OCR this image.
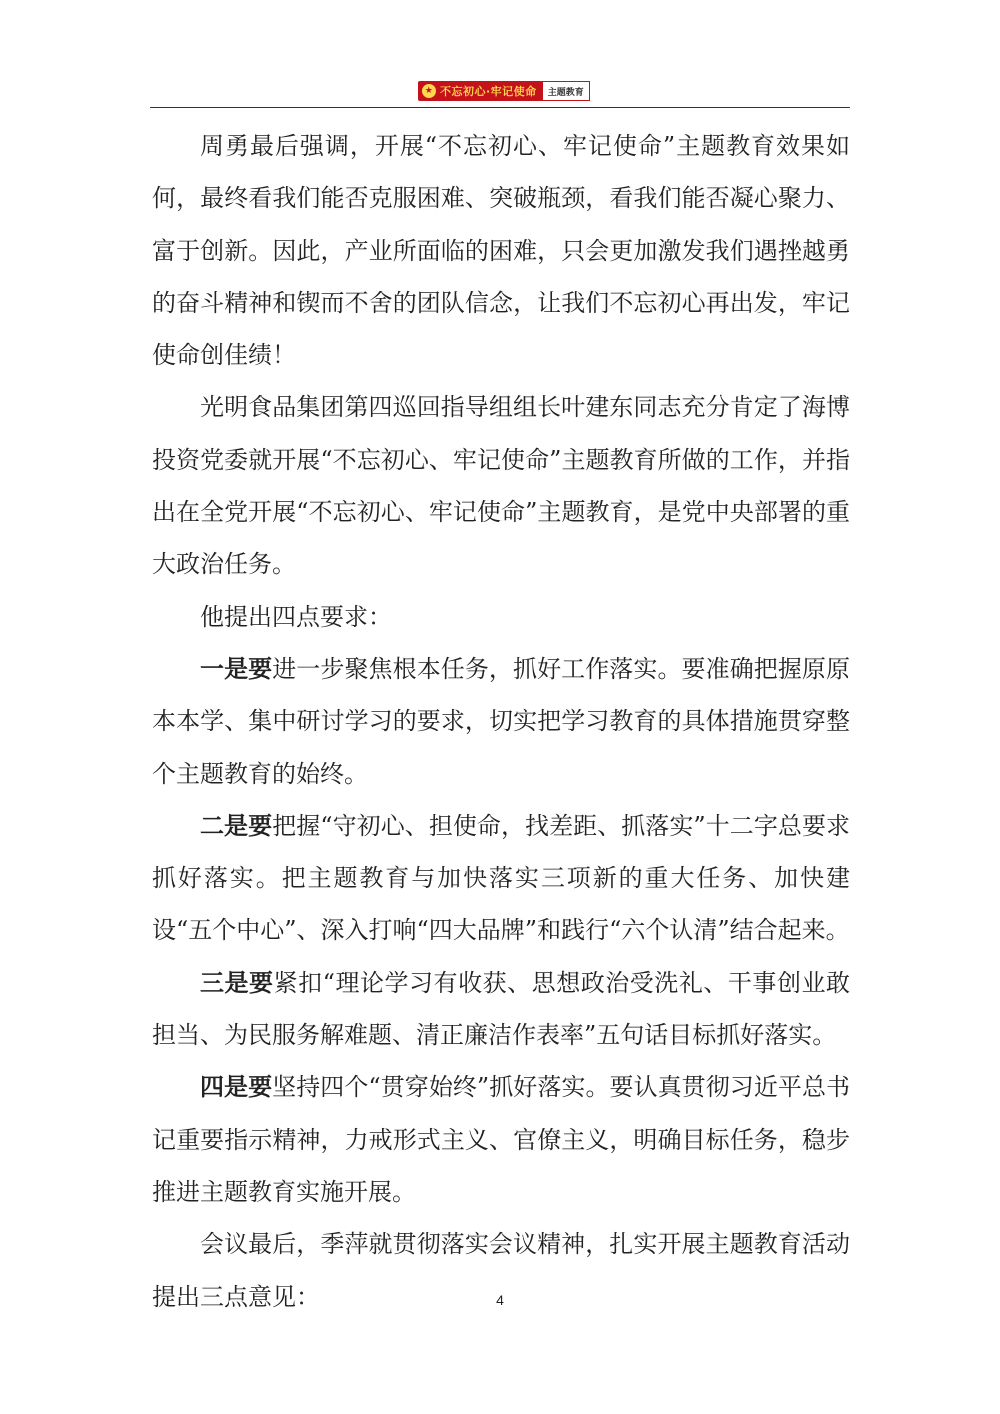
★ 不忘初心·牢记使命	主题教育

周勇最后强调，开展“不忘初心、牢记使命”主题教育效果如何，最终看我们能否克服困难、突破瓶颈，看我们能否凝心聚力、富于创新。因此，产业所面临的困难，只会更加激发我们遇挫越勇的奋斗精神和锲而不舍的团队信念，让我们不忘初心再出发，牢记使命创佳绩！

光明食品集团第四巡回指导组组长叶建东同志充分肯定了海博投资党委就开展“不忘初心、牢记使命”主题教育所做的工作，并指出在全党开展“不忘初心、牢记使命”主题教育，是党中央部署的重大政治任务。

他提出四点要求：

一是要进一步聚焦根本任务，抓好工作落实。要准确把握原原本本学、集中研讨学习的要求，切实把学习教育的具体措施贯穿整个主题教育的始终。

二是要把握“守初心、担使命，找差距、抓落实”十二字总要求抓好落实。把主题教育与加快落实三项新的重大任务、加快建设“五个中心”、深入打响“四大品牌”和践行“六个认清”结合起来。

三是要紧扣“理论学习有收获、思想政治受洗礼、干事创业敢担当、为民服务解难题、清正廉洁作表率”五句话目标抓好落实。

四是要坚持四个“贯穿始终”抓好落实。要认真贯彻习近平总书记重要指示精神，力戒形式主义、官僚主义，明确目标任务，稳步推进主题教育实施开展。

会议最后，季萍就贯彻落实会议精神，扎实开展主题教育活动提出三点意见：	4
